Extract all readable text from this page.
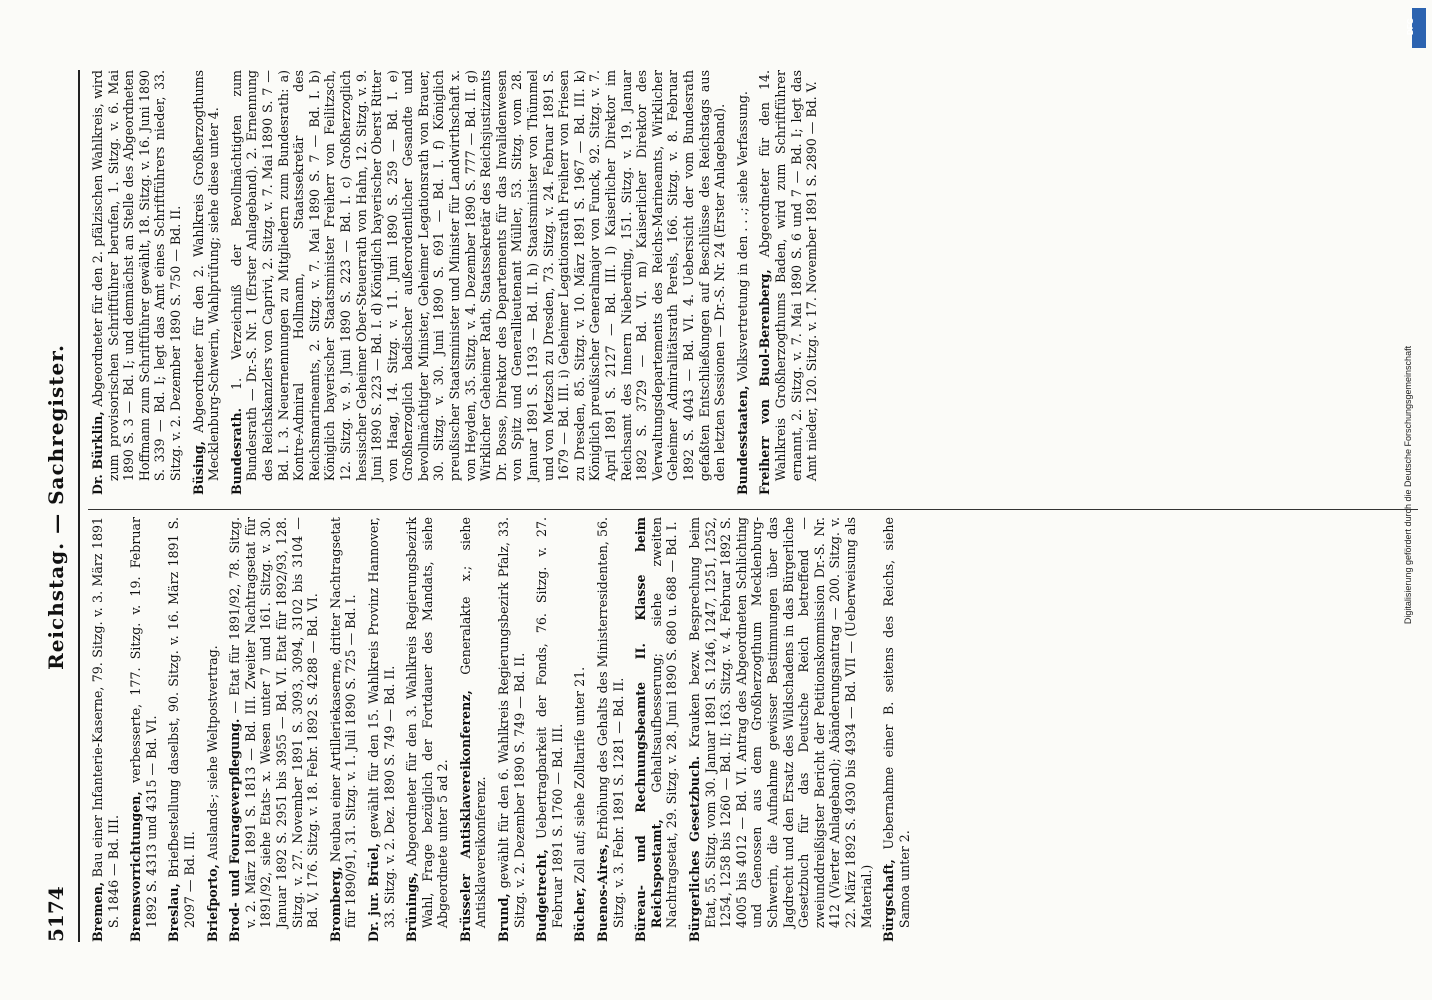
5174
Reichstag. — Sachregister.

Bremen, Bau einer Infanterie-Kaserne, 79. Sitzg. v. 3. März 1891 S. 1846 — Bd. III. Bremsvorrichtungen, verbesserte, 177. Sitzg. v. 19. Februar 1892 S. 4313 und 4315 — Bd. VI. Breslau, Briefbestellung daselbst, 90. Sitzg. v. 16. März 1891 S. 2097 — Bd. III. Briefporto, Auslands-; siehe Weltpostvertrag. Brod- und Fourageverpflegung. — Etat für 1891/92, 78. Sitzg. v. 2. März 1891 S. 1813 — Bd. III. Zweiter Nachtragsetat für 1891/92, siehe Etats- x. Wesen unter 7 und 161. Sitzg. v. 30. Januar 1892 S. 2951 bis 3955 — Bd. VI. Etat für 1892/93, 128. Sitzg. v. 27. November 1891 S. 3093, 3094, 3102 bis 3104 — Bd. V, 176. Sitzg. v. 18. Febr. 1892 S. 4288 — Bd. VI. Bromberg, Neubau einer Artilleriekaserne, dritter Nachtragsetat für 1890/91, 31. Sitzg. v. 1. Juli 1890 S. 725 — Bd. I. Dr. jur. Brüel, gewählt für den 15. Wahlkreis Provinz Hannover, 33. Sitzg. v. 2. Dez. 1890 S. 749 — Bd. II. Brünings, Abgeordneter für den 3. Wahlkreis Regierungsbezirk Wahl, Frage bezüglich der Fortdauer des Mandats, siehe Abgeordnete unter 5 ad 2. Brüsseler Antisklavereikonferenz, Generalakte x.; siehe Antisklavereikonferenz. Brund, gewählt für den 6. Wahlkreis Regierungsbezirk Pfalz, 33. Sitzg. v. 2. Dezember 1890 S. 749 — Bd. II. Budgetrecht, Uebertragbarkeit der Fonds, 76. Sitzg. v. 27. Februar 1891 S. 1760 — Bd. III. Bücher, Zoll auf; siehe Zolltarife unter 21.

Buenos-Aires, Erhöhung des Gehalts des Ministerresidenten, 56. Sitzg. v. 3. Febr. 1891 S. 1281 — Bd. II. Büreau- und Rechnungsbeamte II. Klasse beim Reichspostamt, Gehaltsaufbesserung; siehe zweiten Nachtragsetat, 29. Sitzg. v. 28. Juni 1890 S. 680 u. 688 — Bd. I. Bürgerliches Gesetzbuch. Krauken bezw. Besprechung beim Etat, 55. Sitzg. vom 30. Januar 1891 S. 1246, 1247, 1251, 1252, 1254, 1258 bis 1260 — Bd. II; 163. Sitzg. v. 4. Februar 1892 S. 4005 bis 4012 — Bd. VI. Antrag des Abgeordneten Schlichting und Genossen aus dem Großherzogthum Mecklenburg-Schwerin, die Aufnahme gewisser Bestimmungen über das Jagdrecht und den Ersatz des Wildschadens in das Bürgerliche Gesetzbuch für das Deutsche Reich betreffend — zweiunddreißigster Bericht der Petitionskommission Dr.-S. Nr. 412 (Vierter Anlageband); Abänderungsantrag — 200. Sitzg. v. 22. März 1892 S. 4930 bis 4934 — Bd. VII — (Ueberweisung als Material.) Bürgschaft, Uebernahme einer B. seitens des Reichs, siehe Samoa unter 2.

Dr. Bürklin, Abgeordneter für den 2. pfälzischen Wahlkreis, wird zum provisorischen Schriftführer berufen, 1. Sitzg. v. 6. Mai 1890 S. 3 — Bd. I; und demnächst an Stelle des Abgeordneten Hoffmann zum Schriftführer gewählt, 18. Sitzg. v. 16. Juni 1890 S. 339 — Bd. I; legt das Amt eines Schriftführers nieder, 33. Sitzg. v. 2. Dezember 1890 S. 750 — Bd. II. Büsing, Abgeordneter für den 2. Wahlkreis Großherzogthums Mecklenburg-Schwerin, Wahlprüfung; siehe diese unter 4. Bundesrath. 1. Verzeichniß der Bevollmächtigten zum Bundesrath — Dr.-S. Nr. 1 (Erster Anlageband). 2. Ernennung des Reichskanzlers von Caprivi, 2. Sitzg. v. 7. Mai 1890 S. 7 — Bd. I. 3. Neuernennungen zu Mitgliedern zum Bundesrath: a) Kontre-Admiral Hollmann, Staatssekretär des Reichsmarineamts, 2. Sitzg. v. 7. Mai 1890 S. 7 — Bd. I. b) Königlich bayerischer Staatsminister Freiherr von Feilitzsch, 12. Sitzg. v. 9. Juni 1890 S. 223 — Bd. I. c) Großherzoglich hessischer Geheimer Ober-Steuerrath von Hahn, 12. Sitzg. v. 9. Juni 1890 S. 223 — Bd. I. d) Königlich bayerischer Oberst Ritter von Haag, 14. Sitzg. v. 11. Juni 1890 S. 259 — Bd. I. e) Großherzoglich badischer außerordentlicher Gesandte und bevollmächtigter Minister, Geheimer Legationsrath von Brauer, 30. Sitzg. v. 30. Juni 1890 S. 691 — Bd. I. f) Königlich preußischer Staatsminister und Minister für Landwirthschaft x. von Heyden, 35. Sitzg. v. 4. Dezember 1890 S. 777 — Bd. II. g) Wirklicher Geheimer Rath, Staatssekretär des Reichsjustizamts Dr. Bosse, Direktor des Departements für das Invalidenwesen von Spitz und Generallieutenant Müller, 53. Sitzg. vom 28. Januar 1891 S. 1193 — Bd. II. h) Staatsminister von Thümmel und von Metzsch zu Dresden, 73. Sitzg. v. 24. Februar 1891 S. 1679 — Bd. III. i) Geheimer Legationsrath Freiherr von Friesen zu Dresden, 85. Sitzg. v. 10. März 1891 S. 1967 — Bd. III. k) Königlich preußischer Generalmajor von Funck, 92. Sitzg. v. 7. April 1891 S. 2127 — Bd. III. l) Kaiserlicher Direktor im Reichsamt des Innern Nieberding, 151. Sitzg. v. 19. Januar 1892 S. 3729 — Bd. VI. m) Kaiserlicher Direktor des Verwaltungsdepartements des Reichs-Marineamts, Wirklicher Geheimer Admiralitätsrath Perels, 166. Sitzg. v. 8. Februar 1892 S. 4043 — Bd. VI. 4. Uebersicht der vom Bundesrath gefaßten Entschließungen auf Beschlüsse des Reichstags aus den letzten Sessionen — Dr.-S. Nr. 24 (Erster Anlageband). Bundesstaaten, Volksvertretung in den . . .; siehe Verfassung.

Freiherr von Buol-Berenberg, Abgeordneter für den 14. Wahlkreis Großherzogthums Baden, wird zum Schriftführer ernannt, 2. Sitzg. v. 7. Mai 1890 S. 6 und 7 — Bd. I; legt das Amt nieder, 120. Sitzg. v. 17. November 1891 S. 2890 — Bd. V.

Digitalisierung gefördert durch die Deutsche Forschungsgemeinschaft
DFG
